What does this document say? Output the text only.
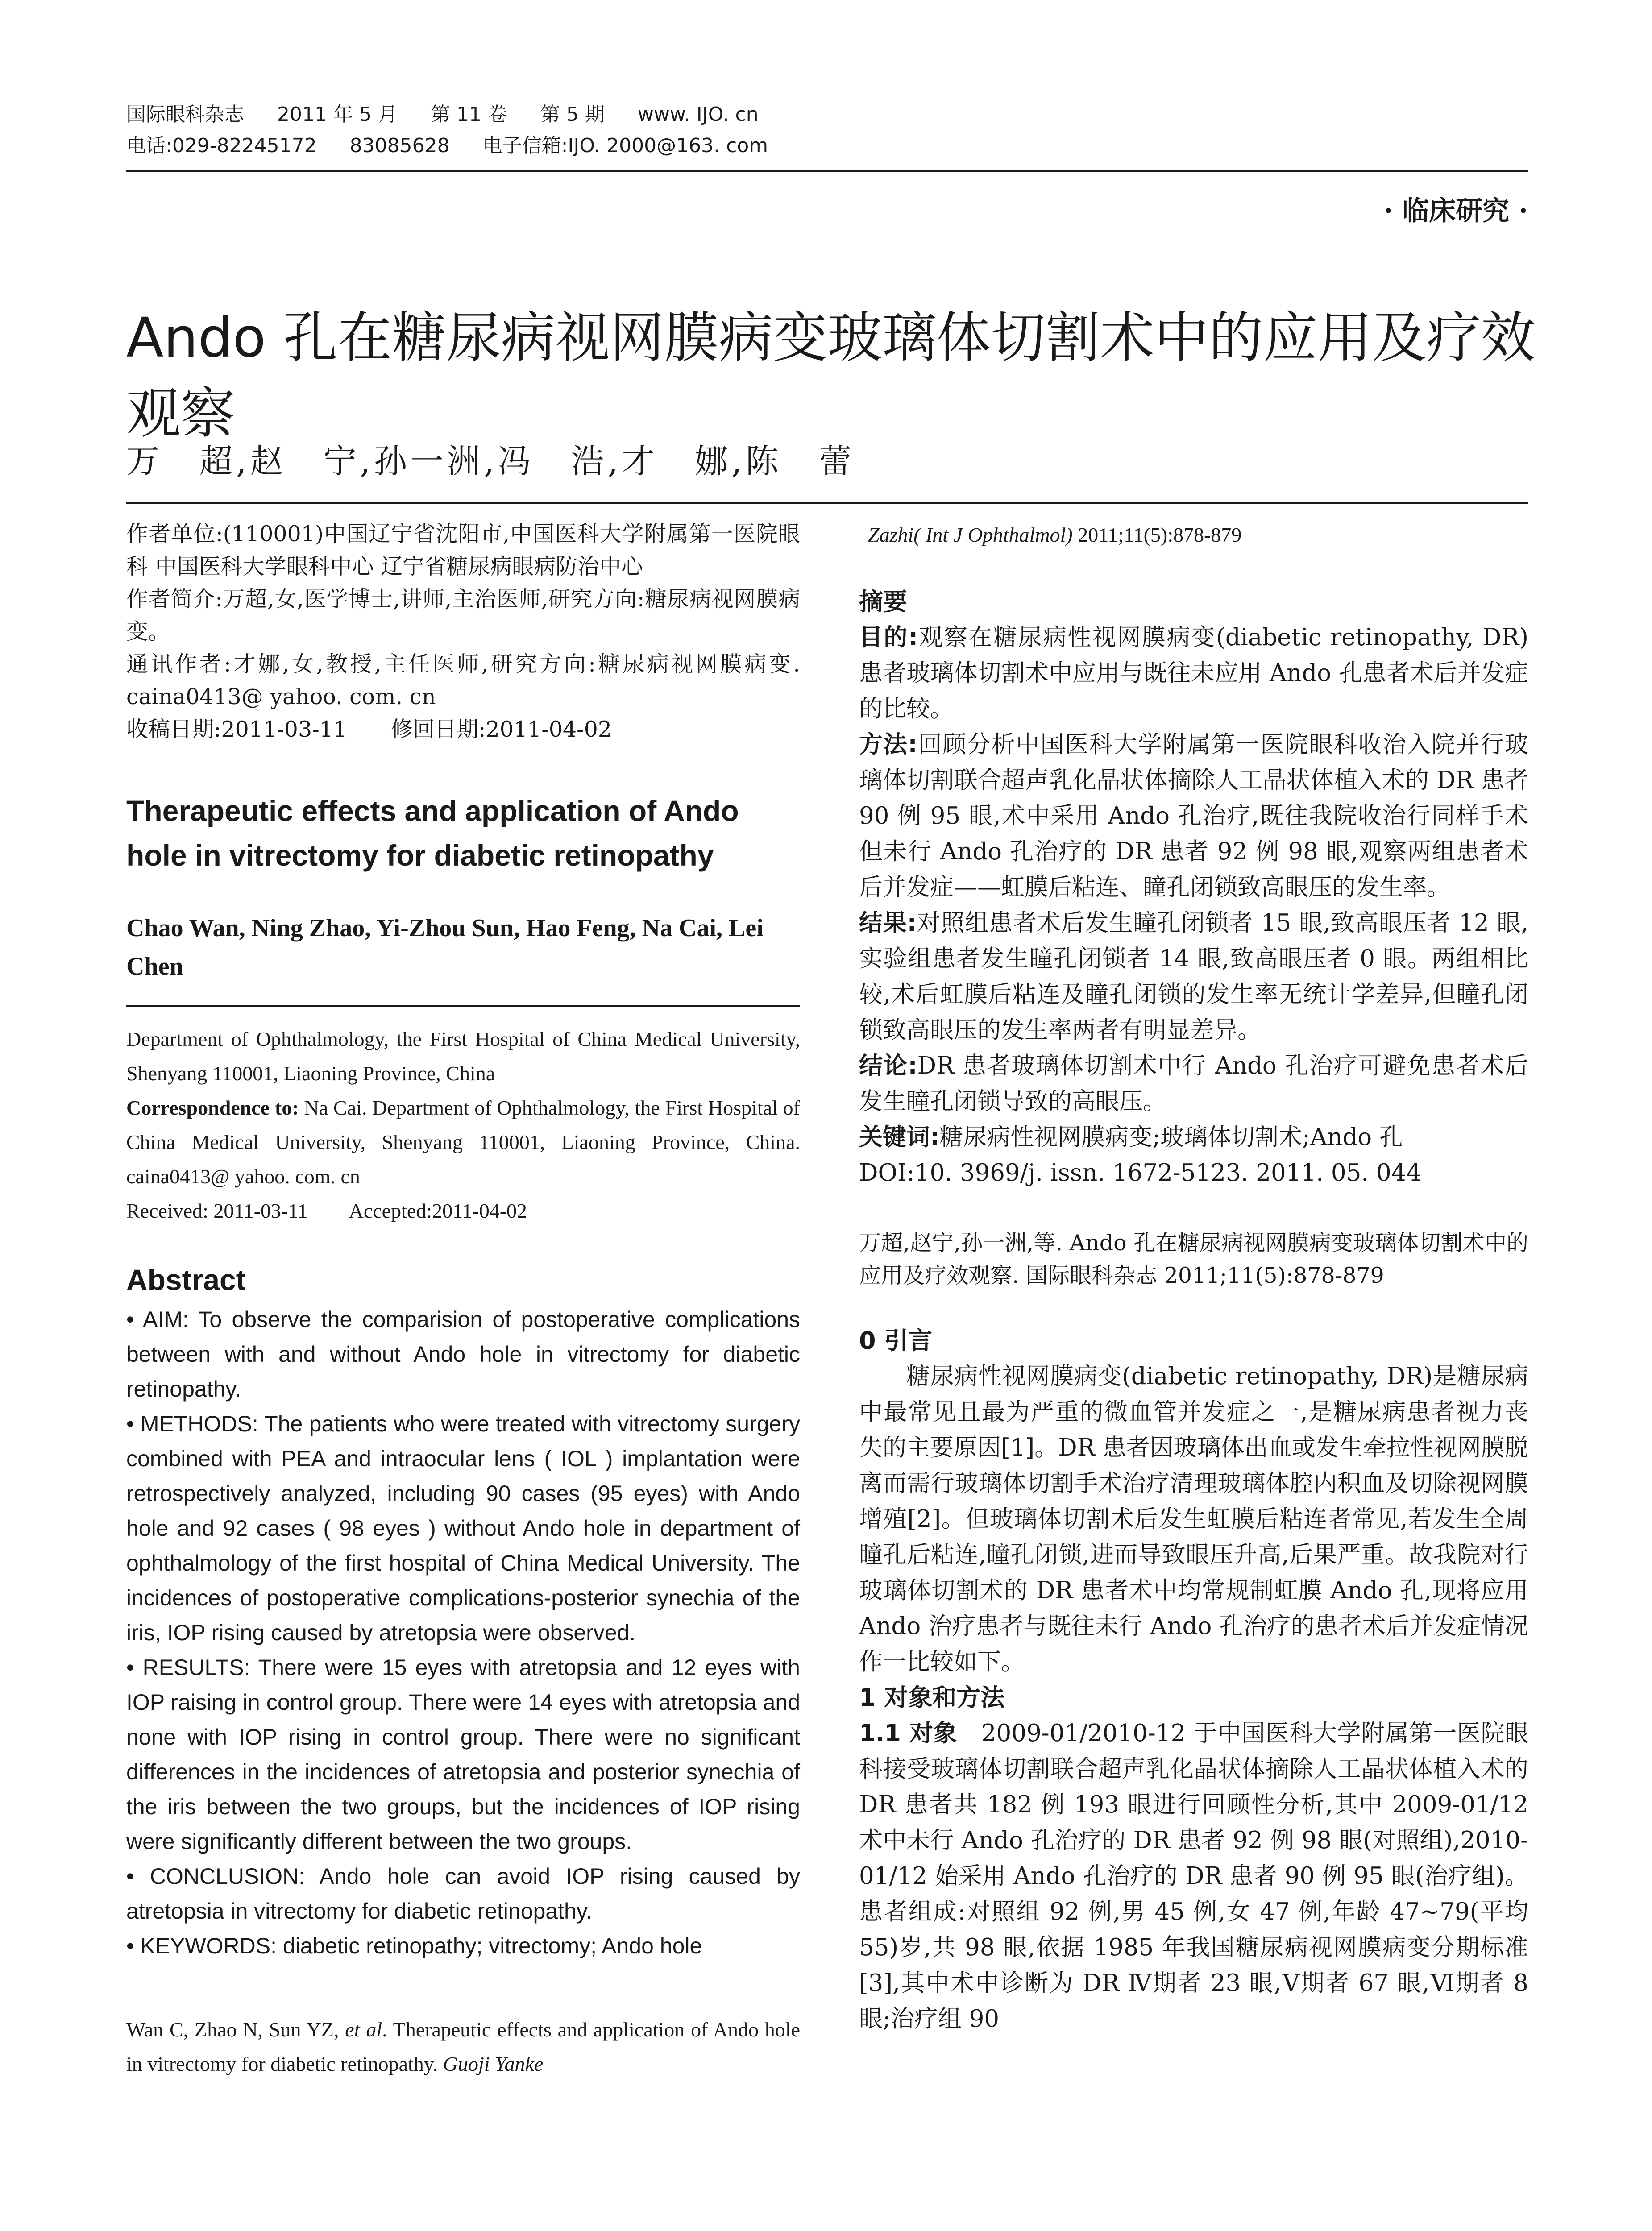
国际眼科杂志 2011 年 5 月 第 11 卷 第 5 期 www. IJO. cn
电话:029-82245172 83085628 电子信箱:IJO. 2000@163. com
· 临床研究 ·
Ando 孔在糖尿病视网膜病变玻璃体切割术中的应用及疗效观察
万　超,赵　宁,孙一洲,冯　浩,才　娜,陈　蕾

作者单位:(110001)中国辽宁省沈阳市,中国医科大学附属第一医院眼科 中国医科大学眼科中心 辽宁省糖尿病眼病防治中心

作者简介:万超,女,医学博士,讲师,主治医师,研究方向:糖尿病视网膜病变。

通讯作者:才娜,女,教授,主任医师,研究方向:糖尿病视网膜病变. caina0413@ yahoo. com. cn

收稿日期:2011-03-11　　修回日期:2011-04-02

Therapeutic effects and application of Ando hole in vitrectomy for diabetic retinopathy
Chao Wan, Ning Zhao, Yi-Zhou Sun, Hao Feng, Na Cai, Lei Chen

Department of Ophthalmology, the First Hospital of China Medical University, Shenyang 110001, Liaoning Province, China

Correspondence to: Na Cai. Department of Ophthalmology, the First Hospital of China Medical University, Shenyang 110001, Liaoning Province, China. caina0413@ yahoo. com. cn

Received: 2011-03-11　　Accepted:2011-04-02

Abstract

• AIM: To observe the comparision of postoperative complications between with and without Ando hole in vitrectomy for diabetic retinopathy.

• METHODS: The patients who were treated with vitrectomy surgery combined with PEA and intraocular lens ( IOL ) implantation were retrospectively analyzed, including 90 cases (95 eyes) with Ando hole and 92 cases ( 98 eyes ) without Ando hole in department of ophthalmology of the first hospital of China Medical University. The incidences of postoperative complications-posterior synechia of the iris, IOP rising caused by atretopsia were observed.

• RESULTS: There were 15 eyes with atretopsia and 12 eyes with IOP raising in control group. There were 14 eyes with atretopsia and none with IOP rising in control group. There were no significant differences in the incidences of atretopsia and posterior synechia of the iris between the two groups, but the incidences of IOP rising were significantly different between the two groups.

• CONCLUSION: Ando hole can avoid IOP rising caused by atretopsia in vitrectomy for diabetic retinopathy.

• KEYWORDS: diabetic retinopathy; vitrectomy; Ando hole

Wan C, Zhao N, Sun YZ, et al. Therapeutic effects and application of Ando hole in vitrectomy for diabetic retinopathy. Guoji Yanke

Zazhi( Int J Ophthalmol) 2011;11(5):878-879

摘要

目的:观察在糖尿病性视网膜病变(diabetic retinopathy, DR)患者玻璃体切割术中应用与既往未应用 Ando 孔患者术后并发症的比较。

方法:回顾分析中国医科大学附属第一医院眼科收治入院并行玻璃体切割联合超声乳化晶状体摘除人工晶状体植入术的 DR 患者 90 例 95 眼,术中采用 Ando 孔治疗,既往我院收治行同样手术但未行 Ando 孔治疗的 DR 患者 92 例 98 眼,观察两组患者术后并发症——虹膜后粘连、瞳孔闭锁致高眼压的发生率。

结果:对照组患者术后发生瞳孔闭锁者 15 眼,致高眼压者 12 眼,实验组患者发生瞳孔闭锁者 14 眼,致高眼压者 0 眼。两组相比较,术后虹膜后粘连及瞳孔闭锁的发生率无统计学差异,但瞳孔闭锁致高眼压的发生率两者有明显差异。

结论:DR 患者玻璃体切割术中行 Ando 孔治疗可避免患者术后发生瞳孔闭锁导致的高眼压。

关键词:糖尿病性视网膜病变;玻璃体切割术;Ando 孔

DOI:10. 3969/j. issn. 1672-5123. 2011. 05. 044

万超,赵宁,孙一洲,等. Ando 孔在糖尿病视网膜病变玻璃体切割术中的应用及疗效观察. 国际眼科杂志 2011;11(5):878-879

0 引言

糖尿病性视网膜病变(diabetic retinopathy, DR)是糖尿病中最常见且最为严重的微血管并发症之一,是糖尿病患者视力丧失的主要原因[1]。DR 患者因玻璃体出血或发生牵拉性视网膜脱离而需行玻璃体切割手术治疗清理玻璃体腔内积血及切除视网膜增殖[2]。但玻璃体切割术后发生虹膜后粘连者常见,若发生全周瞳孔后粘连,瞳孔闭锁,进而导致眼压升高,后果严重。故我院对行玻璃体切割术的 DR 患者术中均常规制虹膜 Ando 孔,现将应用 Ando 治疗患者与既往未行 Ando 孔治疗的患者术后并发症情况作一比较如下。

1 对象和方法

1.1 对象　2009-01/2010-12 于中国医科大学附属第一医院眼科接受玻璃体切割联合超声乳化晶状体摘除人工晶状体植入术的 DR 患者共 182 例 193 眼进行回顾性分析,其中 2009-01/12 术中未行 Ando 孔治疗的 DR 患者 92 例 98 眼(对照组),2010-01/12 始采用 Ando 孔治疗的 DR 患者 90 例 95 眼(治疗组)。患者组成:对照组 92 例,男 45 例,女 47 例,年龄 47~79(平均 55)岁,共 98 眼,依据 1985 年我国糖尿病视网膜病变分期标准[3],其中术中诊断为 DR Ⅳ期者 23 眼,Ⅴ期者 67 眼,Ⅵ期者 8 眼;治疗组 90
